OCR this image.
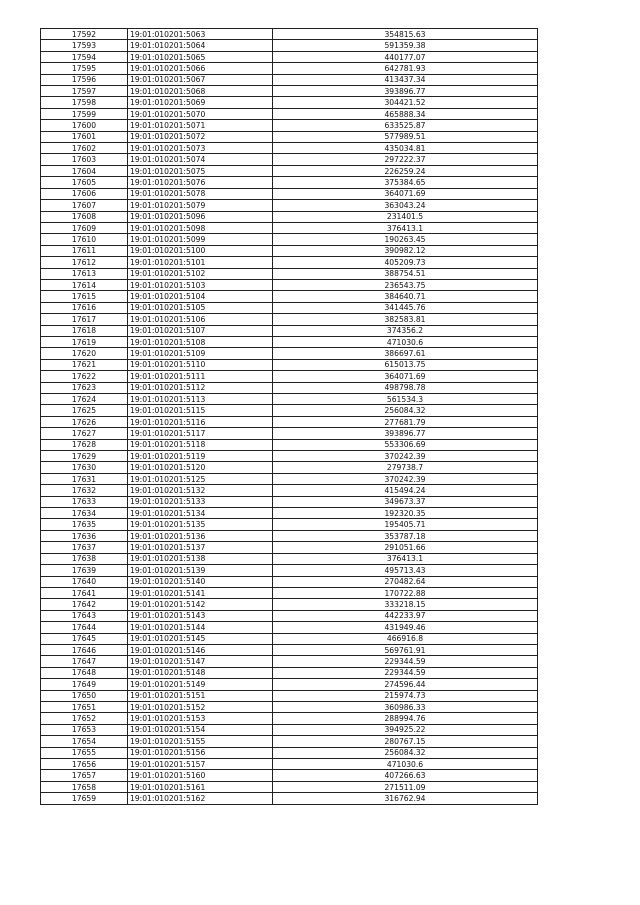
17592	19:01:010201:5063	354815.63
17593	19:01:010201:5064	591359.38
17594	19:01:010201:5065	440177.07
17595	19:01:010201:5066	642781.93
17596	19:01:010201:5067	413437.34
17597	19:01:010201:5068	393896.77
17598	19:01:010201:5069	304421.52
17599	19:01:010201:5070	465888.34
17600	19:01:010201:5071	633525.87
17601	19:01:010201:5072	577989.51
17602	19:01:010201:5073	435034.81
17603	19:01:010201:5074	297222.37
17604	19:01:010201:5075	226259.24
17605	19:01:010201:5076	375384.65
17606	19:01:010201:5078	364071.69
17607	19:01:010201:5079	363043.24
17608	19:01:010201:5096	231401.5
17609	19:01:010201:5098	376413.1
17610	19:01:010201:5099	190263.45
17611	19:01:010201:5100	390982.12
17612	19:01:010201:5101	405209.73
17613	19:01:010201:5102	388754.51
17614	19:01:010201:5103	236543.75
17615	19:01:010201:5104	384640.71
17616	19:01:010201:5105	341445.76
17617	19:01:010201:5106	382583.81
17618	19:01:010201:5107	374356.2
17619	19:01:010201:5108	471030.6
17620	19:01:010201:5109	386697.61
17621	19:01:010201:5110	615013.75
17622	19:01:010201:5111	364071.69
17623	19:01:010201:5112	498798.78
17624	19:01:010201:5113	561534.3
17625	19:01:010201:5115	256084.32
17626	19:01:010201:5116	277681.79
17627	19:01:010201:5117	393896.77
17628	19:01:010201:5118	553306.69
17629	19:01:010201:5119	370242.39
17630	19:01:010201:5120	279738.7
17631	19:01:010201:5125	370242.39
17632	19:01:010201:5132	415494.24
17633	19:01:010201:5133	349673.37
17634	19:01:010201:5134	192320.35
17635	19:01:010201:5135	195405.71
17636	19:01:010201:5136	353787.18
17637	19:01:010201:5137	291051.66
17638	19:01:010201:5138	376413.1
17639	19:01:010201:5139	495713.43
17640	19:01:010201:5140	270482.64
17641	19:01:010201:5141	170722.88
17642	19:01:010201:5142	333218.15
17643	19:01:010201:5143	442233.97
17644	19:01:010201:5144	431949.46
17645	19:01:010201:5145	466916.8
17646	19:01:010201:5146	569761.91
17647	19:01:010201:5147	229344.59
17648	19:01:010201:5148	229344.59
17649	19:01:010201:5149	274596.44
17650	19:01:010201:5151	215974.73
17651	19:01:010201:5152	360986.33
17652	19:01:010201:5153	288994.76
17653	19:01:010201:5154	394925.22
17654	19:01:010201:5155	280767.15
17655	19:01:010201:5156	256084.32
17656	19:01:010201:5157	471030.6
17657	19:01:010201:5160	407266.63
17658	19:01:010201:5161	271511.09
17659	19:01:010201:5162	316762.94
